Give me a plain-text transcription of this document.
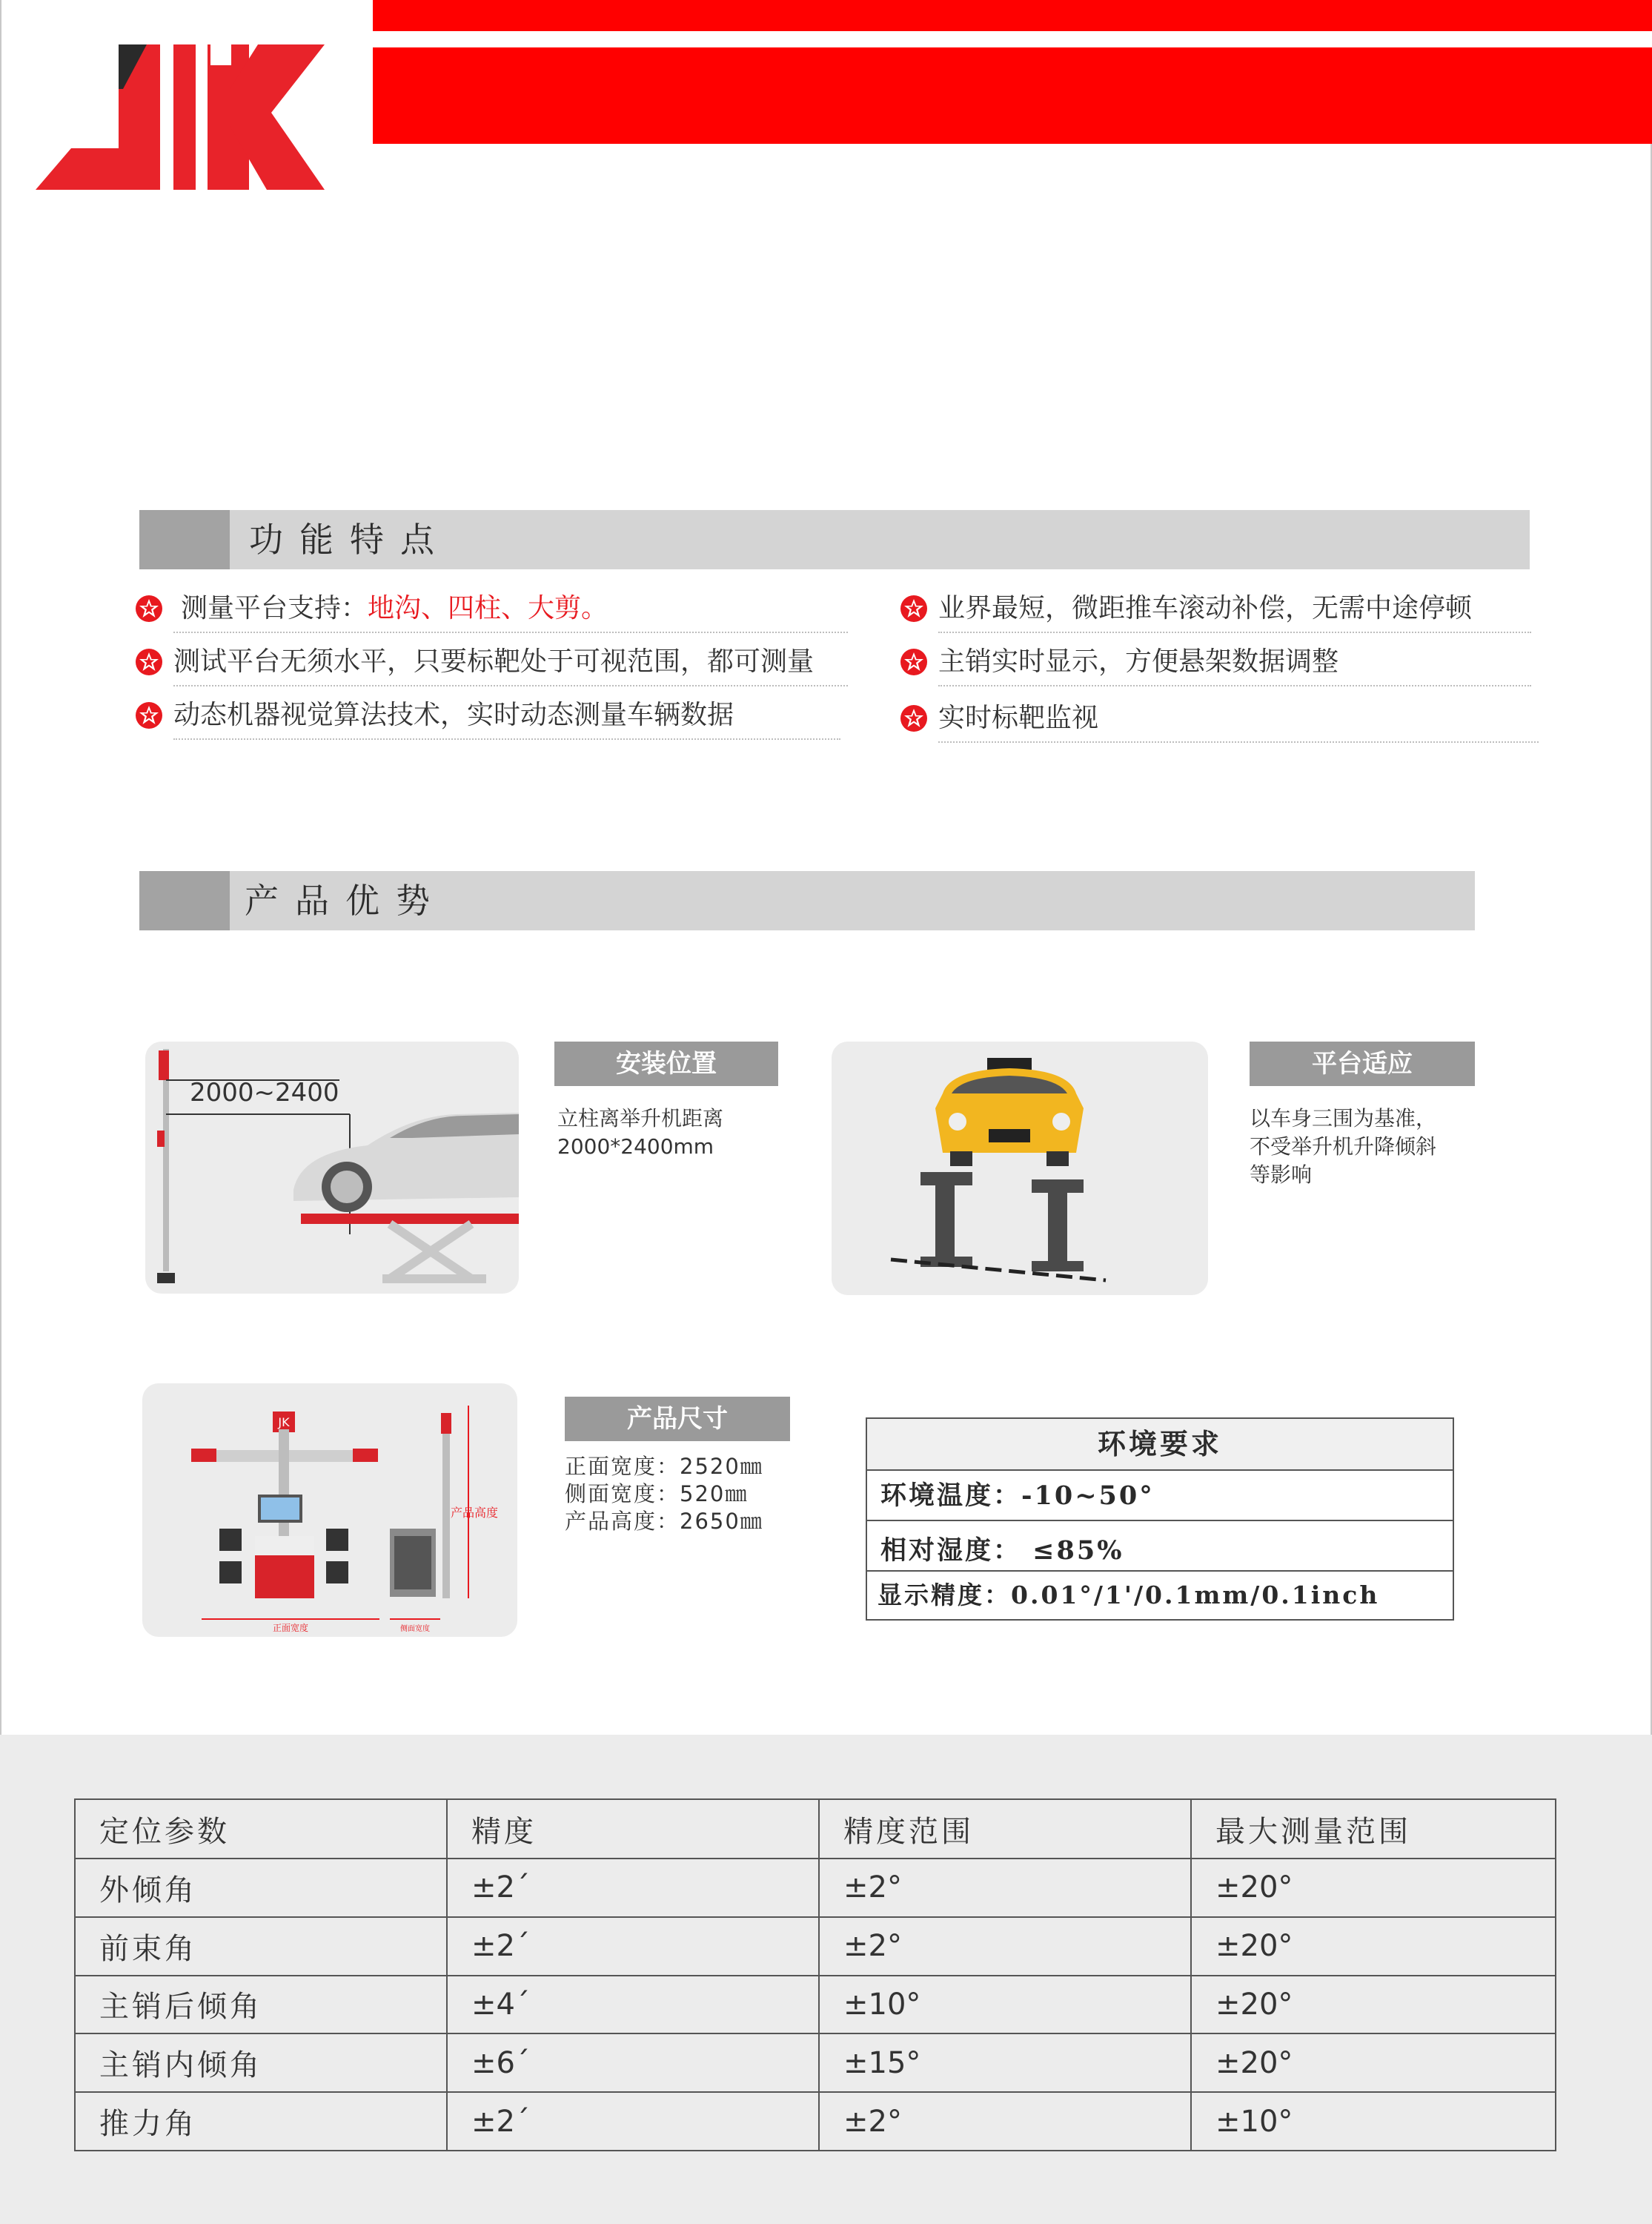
功能特点
测量平台支持：地沟、四柱、大剪。
测试平台无须水平，只要标靶处于可视范围，都可测量
动态机器视觉算法技术，实时动态测量车辆数据
业界最短，微距推车滚动补偿，无需中途停顿
主销实时显示，方便悬架数据调整
实时标靶监视
产品优势
2000~2400
安装位置
立柱离举升机距离
2000*2400mm
平台适应
以车身三围为基准，
不受举升机升降倾斜
等影响
JK
正面宽度	侧面宽度
产品高度
产品尺寸
正面宽度：2520㎜
侧面宽度：520㎜
产品高度：2650㎜
环境要求
环境温度：-10~50°
相对湿度： ≤85%
显示精度：0.01°/1'/0.1mm/0.1inch
定位参数	精度	精度范围	最大测量范围
外倾角	±2´	±2°	±20°
前束角	±2´	±2°	±20°
主销后倾角	±4´	±10°	±20°
主销内倾角	±6´	±15°	±20°
推力角	±2´	±2°	±10°
